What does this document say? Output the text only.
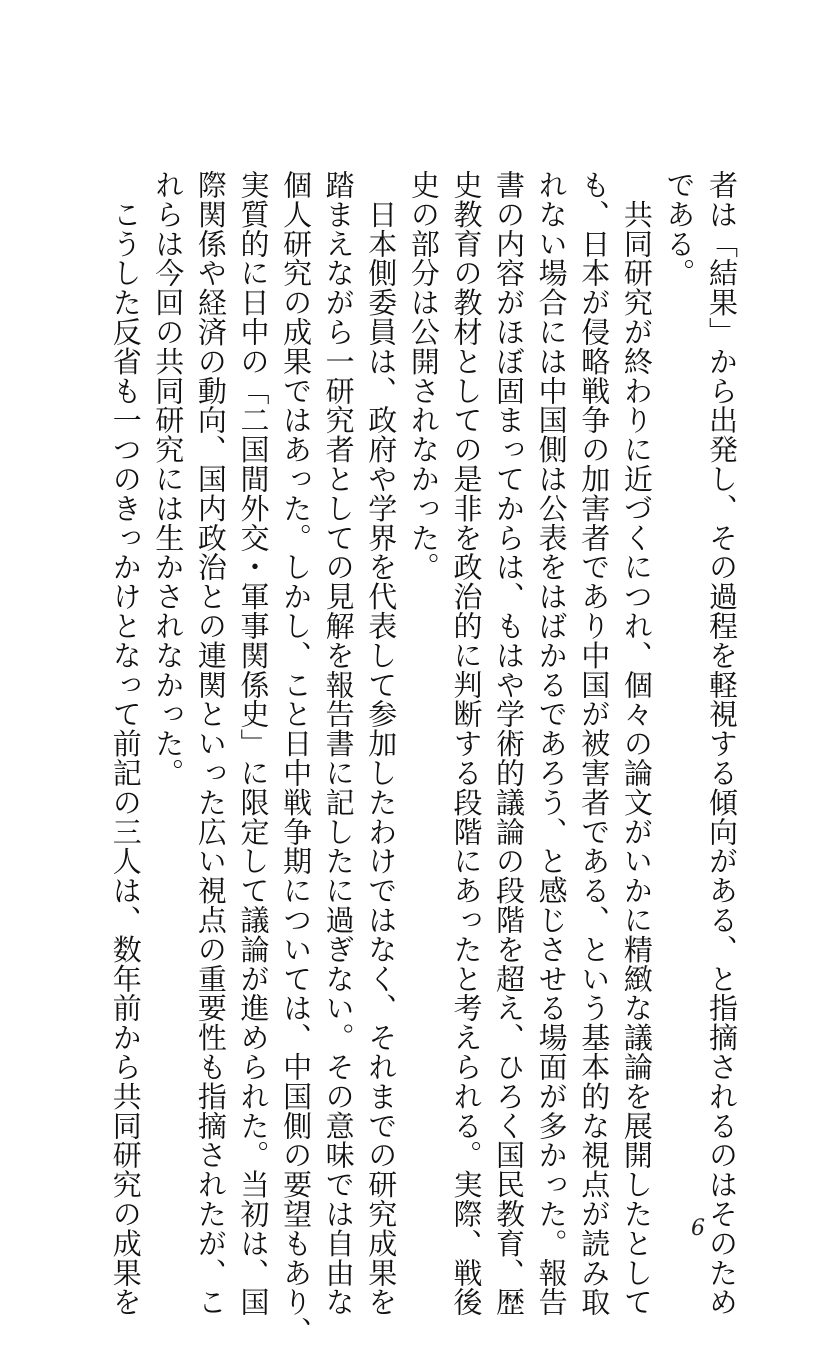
者は「結果」から出発し、その過程を軽視する傾向がある、と指摘されるのはそのため
である。
　共同研究が終わりに近づくにつれ、個々の論文がいかに精緻な議論を展開したとして
も、日本が侵略戦争の加害者であり中国が被害者である、という基本的な視点が読み取
れない場合には中国側は公表をはばかるであろう、と感じさせる場面が多かった。報告
書の内容がほぼ固まってからは、もはや学術的議論の段階を超え、ひろく国民教育、歴
史教育の教材としての是非を政治的に判断する段階にあったと考えられる。実際、戦後
史の部分は公開されなかった。
　日本側委員は、政府や学界を代表して参加したわけではなく、それまでの研究成果を
踏まえながら一研究者としての見解を報告書に記したに過ぎない。その意味では自由な
個人研究の成果ではあった。しかし、こと日中戦争期については、中国側の要望もあり、
実質的に日中の「二国間外交・軍事関係史」に限定して議論が進められた。当初は、国
際関係や経済の動向、国内政治との連関といった広い視点の重要性も指摘されたが、こ
れらは今回の共同研究には生かされなかった。
　こうした反省も一つのきっかけとなって前記の三人は、数年前から共同研究の成果を	6
